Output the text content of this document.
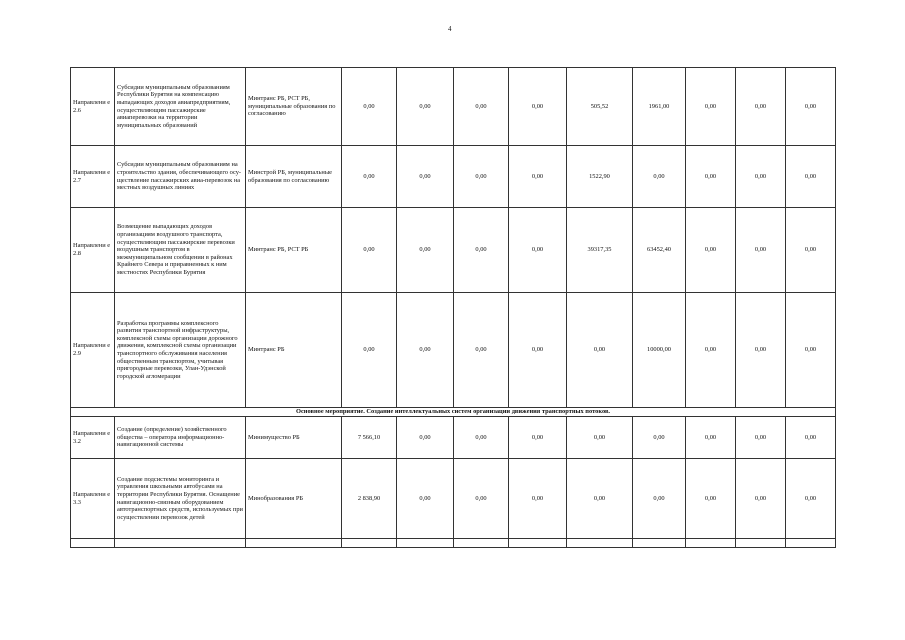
4
Направлени е 2.6	Субсидии муниципальным образованиям Республики Бурятия на компенсацию выпадающих доходов авиапредприятиям, осуществляющим пассажирские авиаперевозки на территории муниципальных образований	Минтранс РБ, РСТ РБ, муниципальные образования по согласованию	0,00	0,00	0,00	0,00	505,52	1961,00	0,00	0,00	0,00
Направлени е 2.7	Субсидии муниципальным образованиям на строительство здания, обеспечивающего осу-ществление пассажирских авиа-перевозок на местных воздушных линиях	Минстрой РБ, муниципальные образования по согласованию	0,00	0,00	0,00	0,00	1522,90	0,00	0,00	0,00	0,00
Направлени е 2.8	Возмещение выпадающих доходов организациям воздушного транспорта, осуществляющим пассажирские перевозки воздушным транспортом в межмуниципальном сообщении в районах Крайнего Севера и приравненных к ним местностях Республики Бурятия	Минтранс РБ, РСТ РБ	0,00	0,00	0,00	0,00	39317,35	63452,40	0,00	0,00	0,00
Направлени е 2.9	Разработка программы комплексного развития транспортной инфраструктуры, комплексной схемы организации дорожного движения, комплексной схемы организации транспортного обслуживания населения общественным транспортом, учитывая пригородные перевозки, Улан-Удэнской городской агломерации	Минтранс РБ	0,00	0,00	0,00	0,00	0,00	10000,00	0,00	0,00	0,00
Основное мероприятие. Создание интеллектуальных систем организации движения транспортных потоков.											
Направлени е 3.2	Создание (определение) хозяйственного общества – оператора информационно-навигационной системы	Минимущество РБ	7 566,10	0,00	0,00	0,00	0,00	0,00	0,00	0,00	0,00
Направлени е 3.3	Создание подсистемы мониторинга и управления школьными автобусами на территории Республики Бурятия. Оснащение навигационно-связным оборудованием автотранспортных средств, используемых при осуществлении перевозок детей	Минобразования РБ	2 838,90	0,00	0,00	0,00	0,00	0,00	0,00	0,00	0,00
